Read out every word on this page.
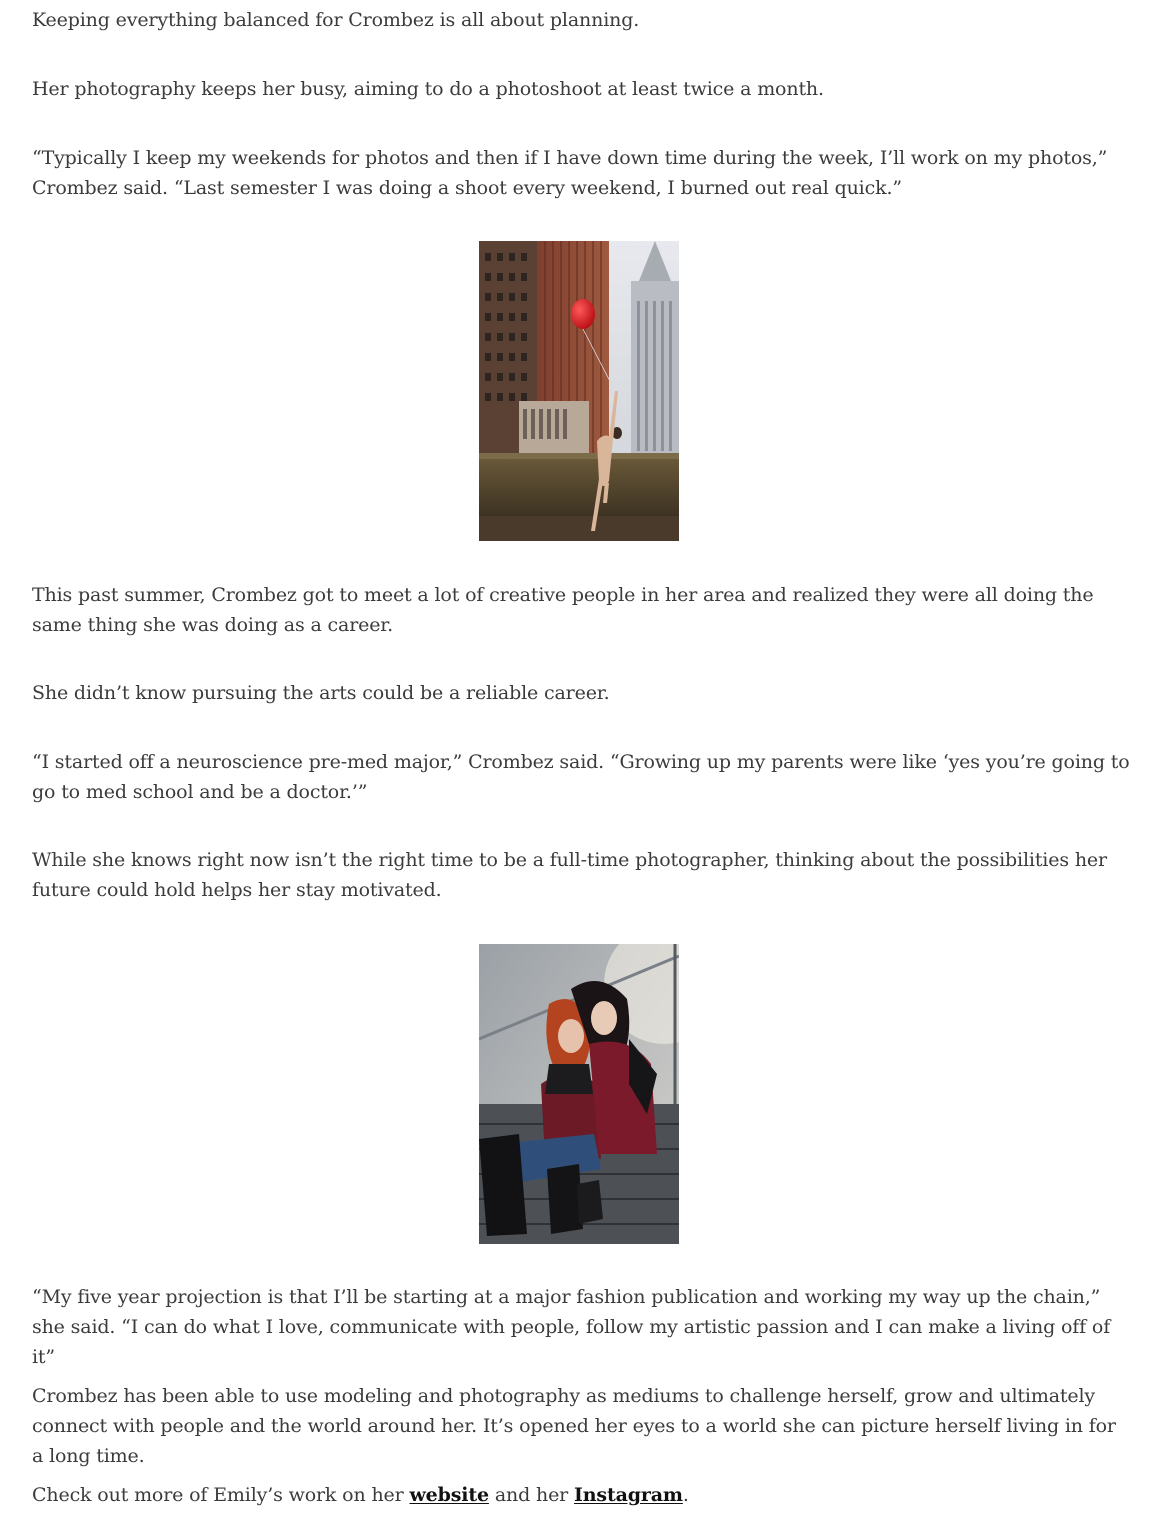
Keeping everything balanced for Crombez is all about planning.

Her photography keeps her busy, aiming to do a photoshoot at least twice a month.

“Typically I keep my weekends for photos and then if I have down time during the week, I’ll work on my photos,” Crombez said. “Last semester I was doing a shoot every weekend, I burned out real quick.”

This past summer, Crombez got to meet a lot of creative people in her area and realized they were all doing the same thing she was doing as a career.

She didn’t know pursuing the arts could be a reliable career.

“I started off a neuroscience pre-med major,” Crombez said. “Growing up my parents were like ‘yes you’re going to go to med school and be a doctor.’”

While she knows right now isn’t the right time to be a full-time photographer, thinking about the possibilities her future could hold helps her stay motivated.

“My five year projection is that I’ll be starting at a major fashion publication and working my way up the chain,” she said. “I can do what I love, communicate with people, follow my artistic passion and I can make a living off of it”

Crombez has been able to use modeling and photography as mediums to challenge herself, grow and ultimately connect with people and the world around her. It’s opened her eyes to a world she can picture herself living in for a long time.

Check out more of Emily’s work on her website and her Instagram.
